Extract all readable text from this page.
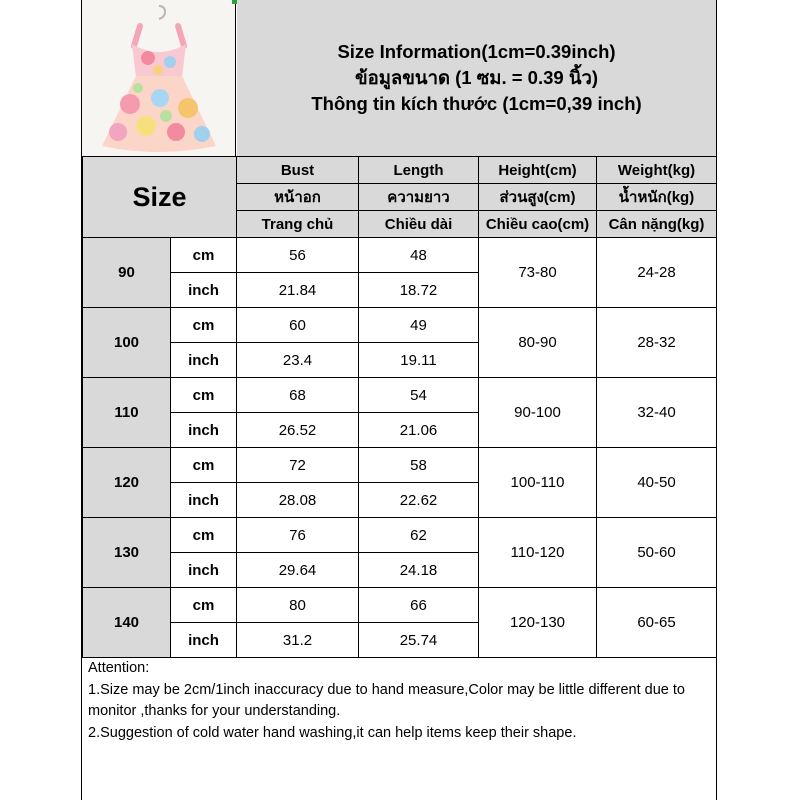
Size Information(1cm=0.39inch)
ข้อมูลขนาด (1 ซม. = 0.39 นิ้ว)
Thông tin kích thước (1cm=0,39 inch)
Size		Bust	Length	Height(cm)	Weight(kg)
		หน้าอก	ความยาว	ส่วนสูง(cm)	น้ำหนัก(kg)
		Trang chủ	Chiều dài	Chiều cao(cm)	Cân nặng(kg)
90	cm	56	48	73-80	24-28
	inch	21.84	18.72		
100	cm	60	49	80-90	28-32
	inch	23.4	19.11		
110	cm	68	54	90-100	32-40
	inch	26.52	21.06		
120	cm	72	58	100-110	40-50
	inch	28.08	22.62		
130	cm	76	62	110-120	50-60
	inch	29.64	24.18		
140	cm	80	66	120-130	60-65
	inch	31.2	25.74		
Attention:
1.Size may be 2cm/1inch inaccuracy due to hand measure,Color may be little different due to monitor ,thanks for your understanding.
2.Suggestion of cold water hand washing,it can help items keep their shape.
